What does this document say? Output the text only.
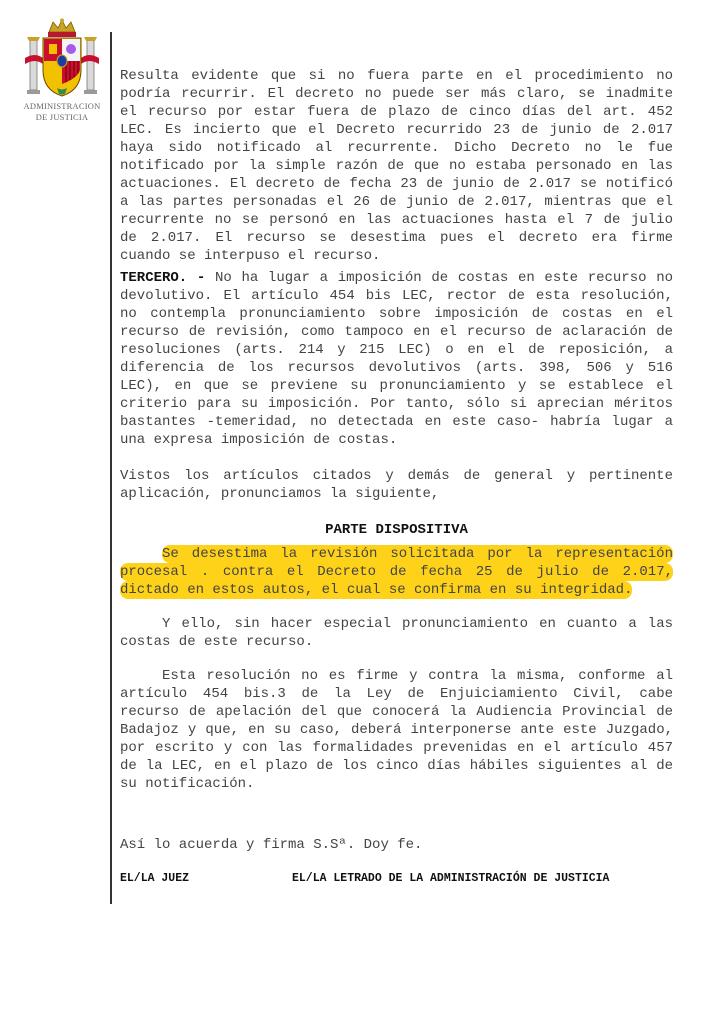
ADMINISTRACION
DE JUSTICIA

Resulta evidente que si no fuera parte en el procedimiento no podría recurrir. El decreto no puede ser más claro, se inadmite el recurso por estar fuera de plazo de cinco días del art. 452 LEC. Es incierto que el Decreto recurrido 23 de junio de 2.017 haya sido notificado al recurrente. Dicho Decreto no le fue notificado por la simple razón de que no estaba personado en las actuaciones. El decreto de fecha 23 de junio de 2.017 se notificó a las partes personadas el 26 de junio de 2.017, mientras que el recurrente no se personó en las actuaciones hasta el 7 de julio de 2.017. El recurso se desestima pues el decreto era firme cuando se interpuso el recurso.

TERCERO. - No ha lugar a imposición de costas en este recurso no devolutivo. El artículo 454 bis LEC, rector de esta resolución, no contempla pronunciamiento sobre imposición de costas en el recurso de revisión, como tampoco en el recurso de aclaración de resoluciones (arts. 214 y 215 LEC) o en el de reposición, a diferencia de los recursos devolutivos (arts. 398, 506 y 516 LEC), en que se previene su pronunciamiento y se establece el criterio para su imposición. Por tanto, sólo si aprecian méritos bastantes -temeridad, no detectada en este caso- habría lugar a una expresa imposición de costas.

Vistos los artículos citados y demás de general y pertinente aplicación, pronunciamos la siguiente,

PARTE DISPOSITIVA

Se desestima la revisión solicitada por la representación procesal . contra el Decreto de fecha 25 de julio de 2.017, dictado en estos autos, el cual se confirma en su integridad.

Y ello, sin hacer especial pronunciamiento en cuanto a las costas de este recurso.

Esta resolución no es firme y contra la misma, conforme al artículo 454 bis.3 de la Ley de Enjuiciamiento Civil, cabe recurso de apelación del que conocerá la Audiencia Provincial de Badajoz y que, en su caso, deberá interponerse ante este Juzgado, por escrito y con las formalidades prevenidas en el artículo 457 de la LEC, en el plazo de los cinco días hábiles siguientes al de su notificación.

Así lo acuerda y firma S.Sª. Doy fe.

EL/LA JUEZ	EL/LA LETRADO DE LA ADMINISTRACIÓN DE JUSTICIA
